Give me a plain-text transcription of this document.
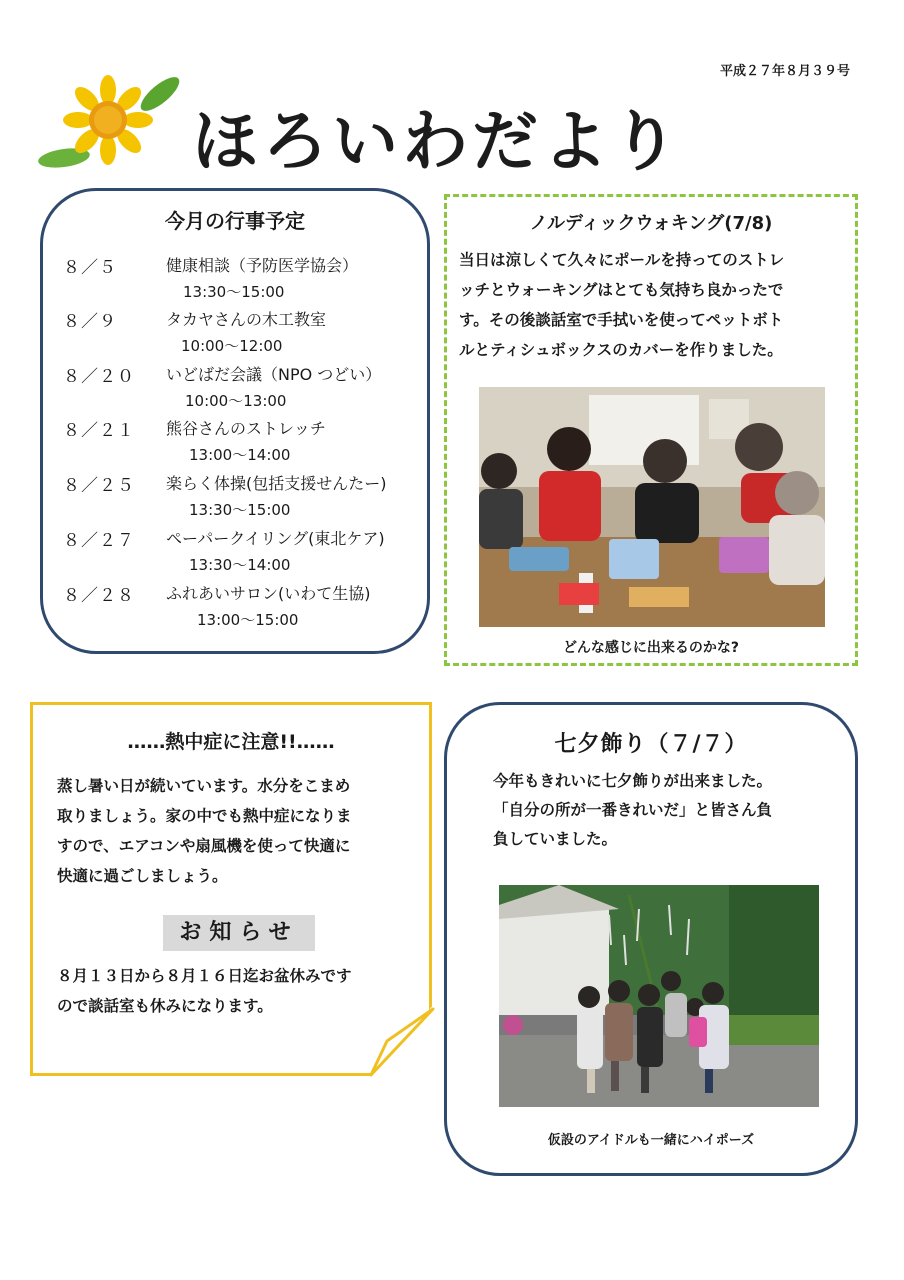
平成２７年８月３９号
ほろいわだより
今月の行事予定
８／５	健康相談（予防医学協会）
13:30～15:00
８／９	タカヤさんの木工教室
10:00～12:00
８／２０ いどばだ会議（NPO つどい）
10:00～13:00
８／２１ 熊谷さんのストレッチ
13:00～14:00
８／２５ 楽らく体操(包括支援せんたー)
13:30～15:00
８／２７ ペーパークイリング(東北ケア)
13:30～14:00
８／２８ ふれあいサロン(いわて生協)
13:00～15:00
ノルディックウォキング(7/8)
当日は涼しくて久々にポールを持ってのストレ
ッチとウォーキングはとても気持ち良かったで
す。その後談話室で手拭いを使ってペットボト
ルとティシュボックスのカバーを作りました。
どんな感じに出来るのかな?
……熱中症に注意!!……
蒸し暑い日が続いています。水分をこまめ
取りましょう。家の中でも熱中症になりま
すので、エアコンや扇風機を使って快適に
快適に過ごしましょう。
お知らせ
８月１３日から８月１６日迄お盆休みです
ので談話室も休みになります。
七夕飾り（７/７）
今年もきれいに七夕飾りが出来ました。
「自分の所が一番きれいだ」と皆さん負
負していました。
仮設のアイドルも一緒にハイポーズ
